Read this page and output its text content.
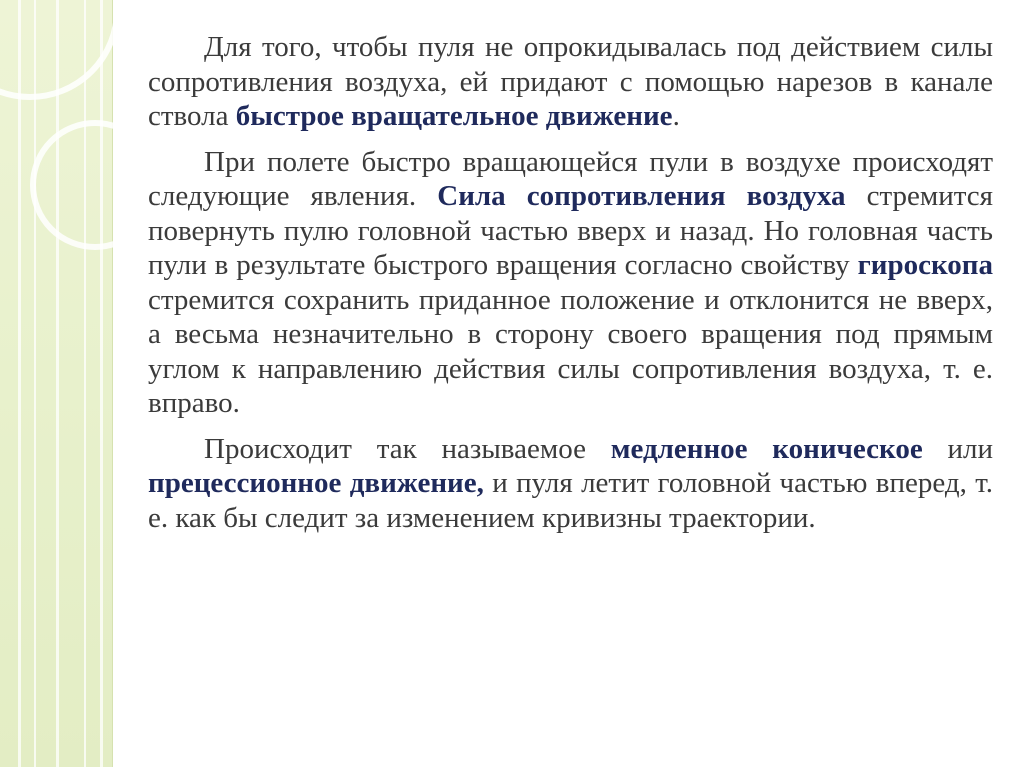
Для того, чтобы пуля не опрокидывалась под действием силы сопротивления воздуха, ей придают с помощью нарезов в канале ствола быстрое вращательное движение.

При полете быстро вращающейся пули в воздухе происходят следующие явления. Сила сопротивления воздуха стремится повернуть пулю головной частью вверх и назад. Но головная часть пули в результате быстрого вращения согласно свойству гироскопа стремится сохранить приданное положение и отклонится не вверх, а весьма незначительно в сторону своего вращения под прямым углом к направлению действия силы сопротивления воздуха, т. е. вправо.

Происходит так называемое медленное коническое или прецессионное движение, и пуля летит головной частью вперед, т. е. как бы следит за изменением кривизны траектории.
